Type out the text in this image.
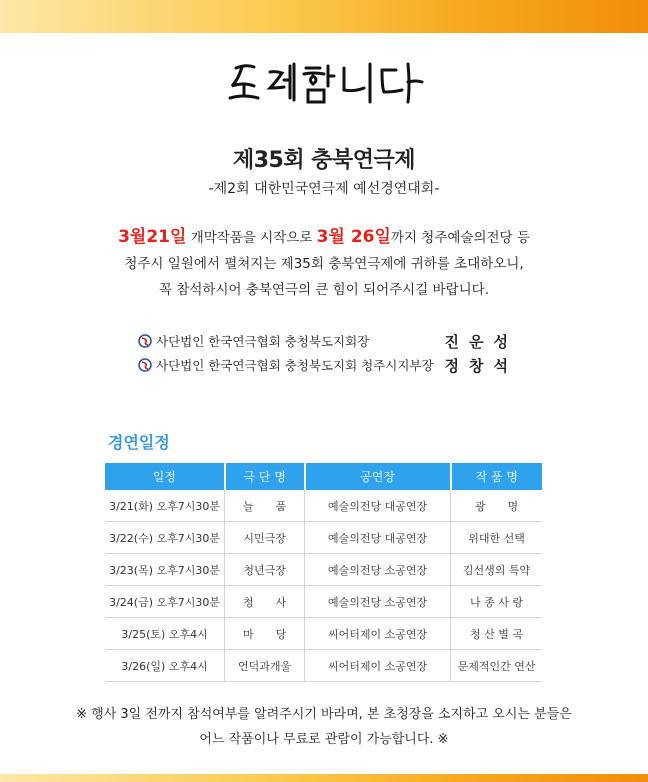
제35회 충북연극제
-제2회 대한민국연극제 예선경연대회-
3월21일 개막작품을 시작으로 3월 26일까지 청주예술의전당 등
청주시 일원에서 펼쳐지는 제35회 충북연극제에 귀하를 초대하오니,
꼭 참석하시어 충북연극의 큰 힘이 되어주시길 바랍니다.
사단법인 한국연극협회 충청북도지회장	진운성
사단법인 한국연극협회 충청북도지회 청주시지부장 정창석
경연일정
일정	극 단 명	공연장	작 품 명
3/21(화) 오후7시30분	늘　　품	예술의전당 대공연장	광　　명
3/22(수) 오후7시30분	시민극장	예술의전당 대공연장	위대한 선택
3/23(목) 오후7시30분	청년극장	예술의전당 소공연장	김선생의 특약
3/24(금) 오후7시30분	청　　사	예술의전당 소공연장	나 종 사 랑
3/25(토) 오후4시	마　　당	씨어터제이 소공연장	청 산 별 곡
3/26(일) 오후4시	언덕과개울	씨어터제이 소공연장	문제적인간 연산
※ 행사 3일 전까지 참석여부를 알려주시기 바라며, 본 초청장을 소지하고 오시는 분들은
어느 작품이나 무료로 관람이 가능합니다. ※
